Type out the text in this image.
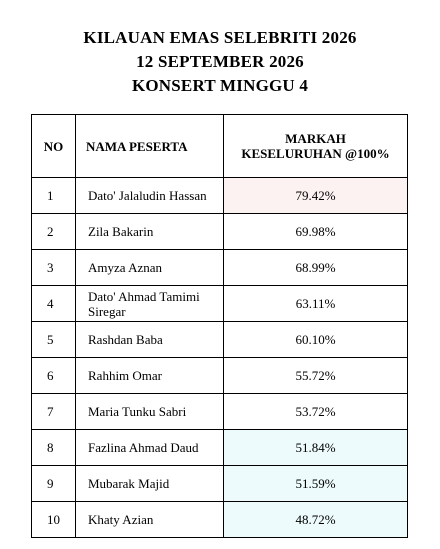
KILAUAN EMAS SELEBRITI 2026
12 SEPTEMBER 2026
KONSERT MINGGU 4
NO	NAMA PESERTA	MARKAH
KESELURUHAN @100%

1	Dato' Jalaludin Hassan	79.42%
2	Zila Bakarin	69.98%
3	Amyza Aznan	68.99%
4	Dato' Ahmad Tamimi
Siregar	63.11%
5	Rashdan Baba	60.10%
6	Rahhim Omar	55.72%
7	Maria Tunku Sabri	53.72%
8	Fazlina Ahmad Daud	51.84%
9	Mubarak Majid	51.59%
10	Khaty Azian	48.72%
